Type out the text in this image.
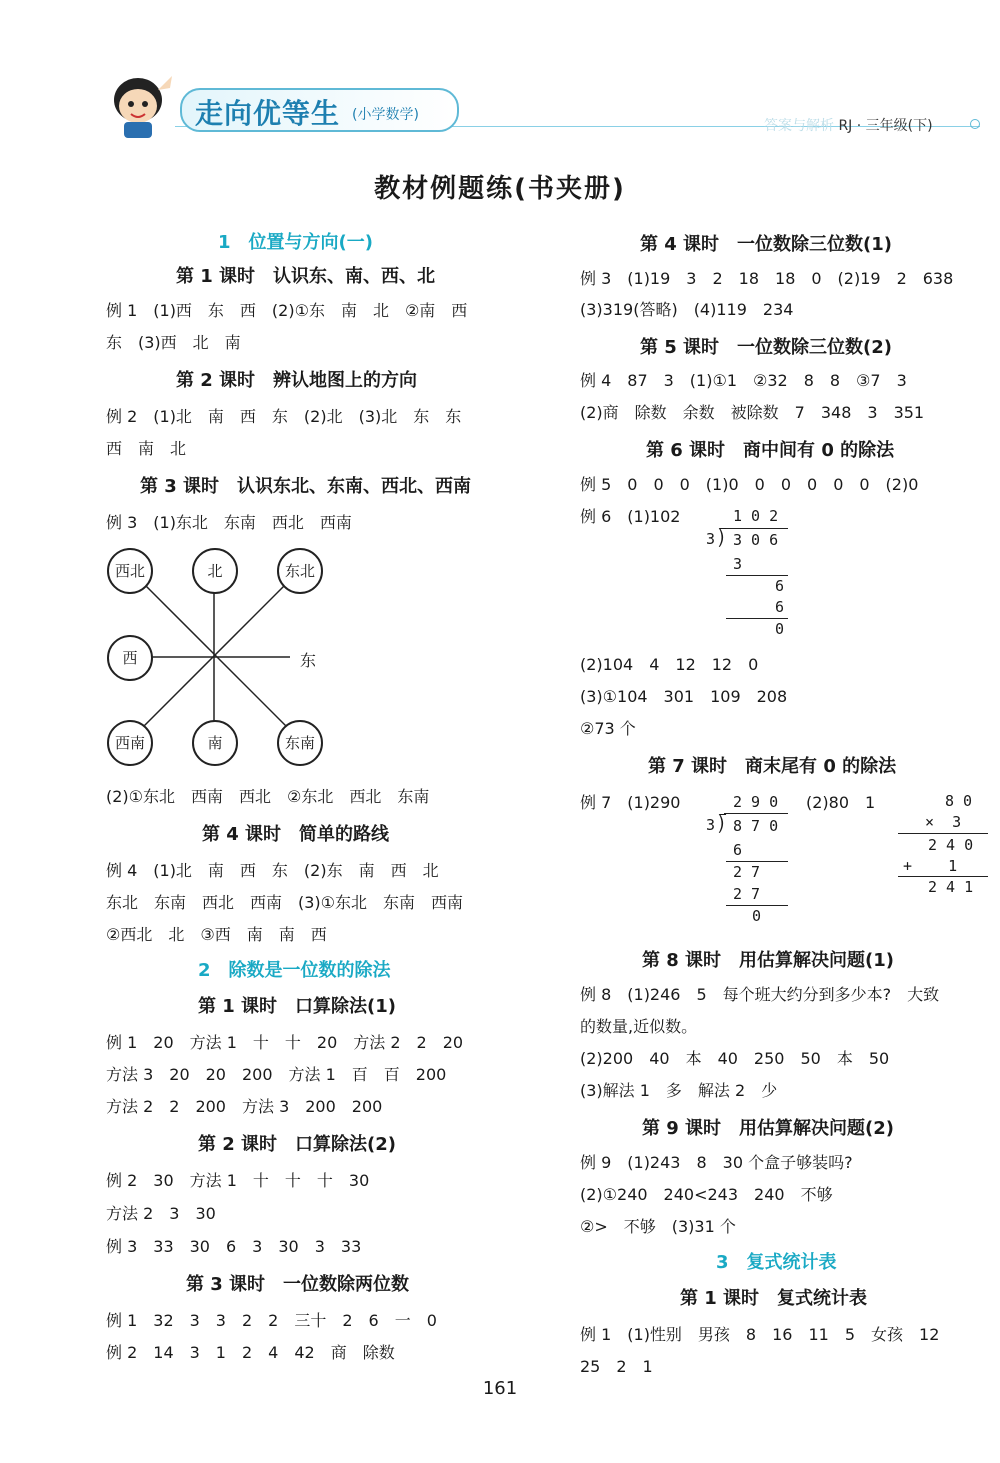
走向优等生 (小学数学)
答案与解析 RJ · 三年级(下)
教材例题练(书夹册)
1　位置与方向(一)
第 1 课时　认识东、南、西、北
例 1　(1)西　东　西　(2)①东　南　北　②南　西
东　(3)西　北　南
第 2 课时　辨认地图上的方向
例 2　(1)北　南　西　东　(2)北　(3)北　东　东
西　南　北
第 3 课时　认识东北、东南、西北、西南
例 3　(1)东北　东南　西北　西南
西北	北	东北
西	东
西南	南	东南
(2)①东北　西南　西北　②东北　西北　东南
第 4 课时　简单的路线
例 4　(1)北　南　西　东　(2)东　南　西　北
东北　东南　西北　西南　(3)①东北　东南　西南
②西北　北　③西　南　南　西
2　除数是一位数的除法
第 1 课时　口算除法(1)
例 1　20　方法 1　十　十　20　方法 2　2　20
方法 3　20　20　200　方法 1　百　百　200
方法 2　2　200　方法 3　200　200
第 2 课时　口算除法(2)
例 2　30　方法 1　十　十　十　30
方法 2　3　30
例 3　33　30　6　3　30　3　33
第 3 课时　一位数除两位数
例 1　32　3　3　2　2　三十　2　6　一　0
例 2　14　3　1　2　4　42　商　除数
第 4 课时　一位数除三位数(1)
例 3　(1)19　3　2　18　18　0　(2)19　2　638
(3)319(答略)　(4)119　234
第 5 课时　一位数除三位数(2)
例 4　87　3　(1)①1　②32　8　8　③7　3
(2)商　除数　余数　被除数　7　348　3　351
第 6 课时　商中间有 0 的除法
例 5　0　0　0　(1)0　0　0　0　0　0　(2)0
例 6　(1)102	1 0 2
3 ⟌ 3 0 6
3
6
6
0
(2)104　4　12　12　0
(3)①104　301　109　208
②73 个
第 7 课时　商末尾有 0 的除法
例 7　(1)290	2 9 0
3 ⟌ 8 7 0
6
2 7
2 7
0
(2)80　1	8 0
×  3
2 4 0
+    1
2 4 1
第 8 课时　用估算解决问题(1)
例 8　(1)246　5　每个班大约分到多少本?　大致
的数量,近似数。
(2)200　40　本　40　250　50　本　50
(3)解法 1　多　解法 2　少
第 9 课时　用估算解决问题(2)
例 9　(1)243　8　30 个盒子够装吗?
(2)①240　240<243　240　不够
②>　不够　(3)31 个
3　复式统计表
第 1 课时　复式统计表
例 1　(1)性别　男孩　8　16　11　5　女孩　12
25　2　1
161
